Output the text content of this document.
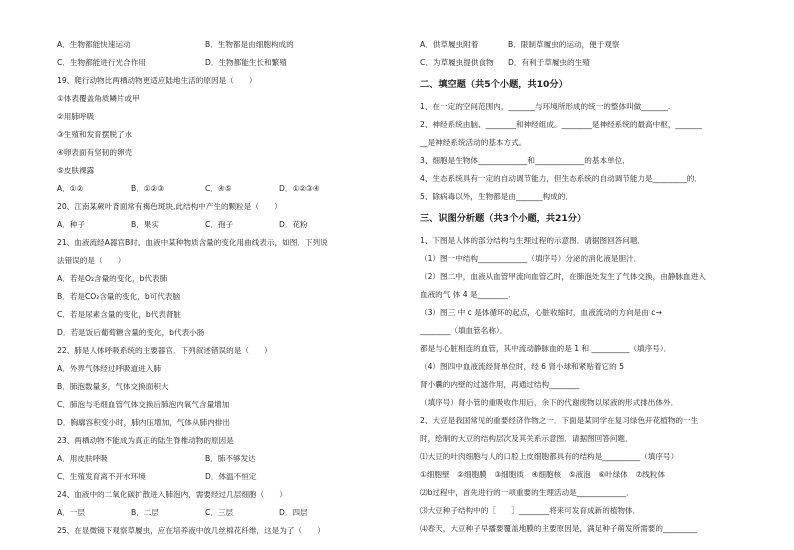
A．生物都能快速运动	B．生物都是由细胞构成的
C．生物都能进行光合作用	D．生物都能生长和繁殖
19、爬行动物比两栖动物更适应陆地生活的原因是（　　）
①体表覆盖角质鳞片或甲
②用肺呼吸
③生殖和发育摆脱了水
④卵表面有坚韧的卵壳
⑤皮肤裸露
A．①②	B．①②③	C．④⑤	D．①②③④
20、江南某蕨叶背面常有褐色斑块,此结构中产生的颗粒是（　　）
A．种子	B．果实	C．孢子	D．花粉
21、血液流经A器官B时，血液中某种物质含量的变化用曲线表示，如图．下列说
法错误的是（　　）
A．若是O₂含量的变化，b代表肺
B．若是CO₂含量的变化，b可代表脑
C．若是尿素含量的变化，b代表肾脏
D．若是饭后葡萄糖含量的变化，b代表小肠
22、肺是人体呼吸系统的主要器官．下列叙述错误的是（　　）
A．外界气体经过呼吸道进入肺
B．肺泡数量多，气体交换面积大
C．肺泡与毛细血管气体交换后肺泡内氧气含量增加
D．胸廓容积变小时，肺内压增加，气体从肺内排出
23、两栖动物不能成为真正的陆生脊椎动物的原因是
A．用皮肤呼吸	B．肺不够发达
C．生殖发育离不开水环境	D．体温不恒定
24、血液中的二氧化碳扩散进入肺泡内，需要经过几层细胞（　　）
A．一层	B．二层	C．三层	D．四层
25、在显微镜下观察草履虫，应在培养液中放几丝棉花纤维，这是为了（　　）
A．供草履虫附着	B．限制草履虫的运动，便于观察
C．为草履虫提供食物 D．有利于草履虫的生殖
二、填空题（共5个小题，共10分）
1、在一定的空间范围内，_______与环境所形成的统一的整体叫做_______.
2、神经系统由脑、________和神经组成。________是神经系统的最高中枢，_______
__是神经系统活动的基本方式。
3、细胞是生物体_____________和_____________的基本单位．
4、生态系统具有一定的自动调节能力，但生态系统的自动调节能力是_________的．
5、除病毒以外，生物都是由_______构成的．
三、识图分析题（共3个小题，共21分）
1、下图是人体的部分结构与生理过程的示意图．请据图回答问题．
（1）图一中结构_____________（填序号）分泌的消化液是胆汁．
（2）图二中，血液从血管甲流向血管乙时，在肺泡处发生了气体交换，由静脉血进入
血液的气 体 4 是________．
（3）图三 中 c 是体循环的起点，心脏收缩时，血液流动的方向是由 c→
________（填血管名称）．
都是与心脏相连的血管，其中流动静脉血的是 1 和 __________（填序号）．
（4）图四中血液流经肾单位时，经 6 肾小球和紧贴着它的 5
肾小囊的内壁的过滤作用，再通过结构________
（填序号）肾小管的重吸收作用后，余下的代谢废物以尿液的形式排出体外．
2、大豆是我国常见的重要经济作物之一．下面是某同学在复习绿色开花植物的一生
时，绘制的大豆的结构层次及其关系示意图．请据图回答问题．
⑴大豆的叶肉细胞与人的口腔上皮细胞都具有的结构是__________（填序号）
①细胞壁　②细胞膜　③细胞质　④细胞核　⑤液泡　⑥叶绿体　⑦线粒体
⑵b过程中，首先进行的一项重要的生理活动是_____________．
⑶大豆种子结构中的［　　］________将来可发育成新的植物体．
⑷春天，大豆种子早播要覆盖地膜的主要原因是，满足种子萌发所需要的_________
